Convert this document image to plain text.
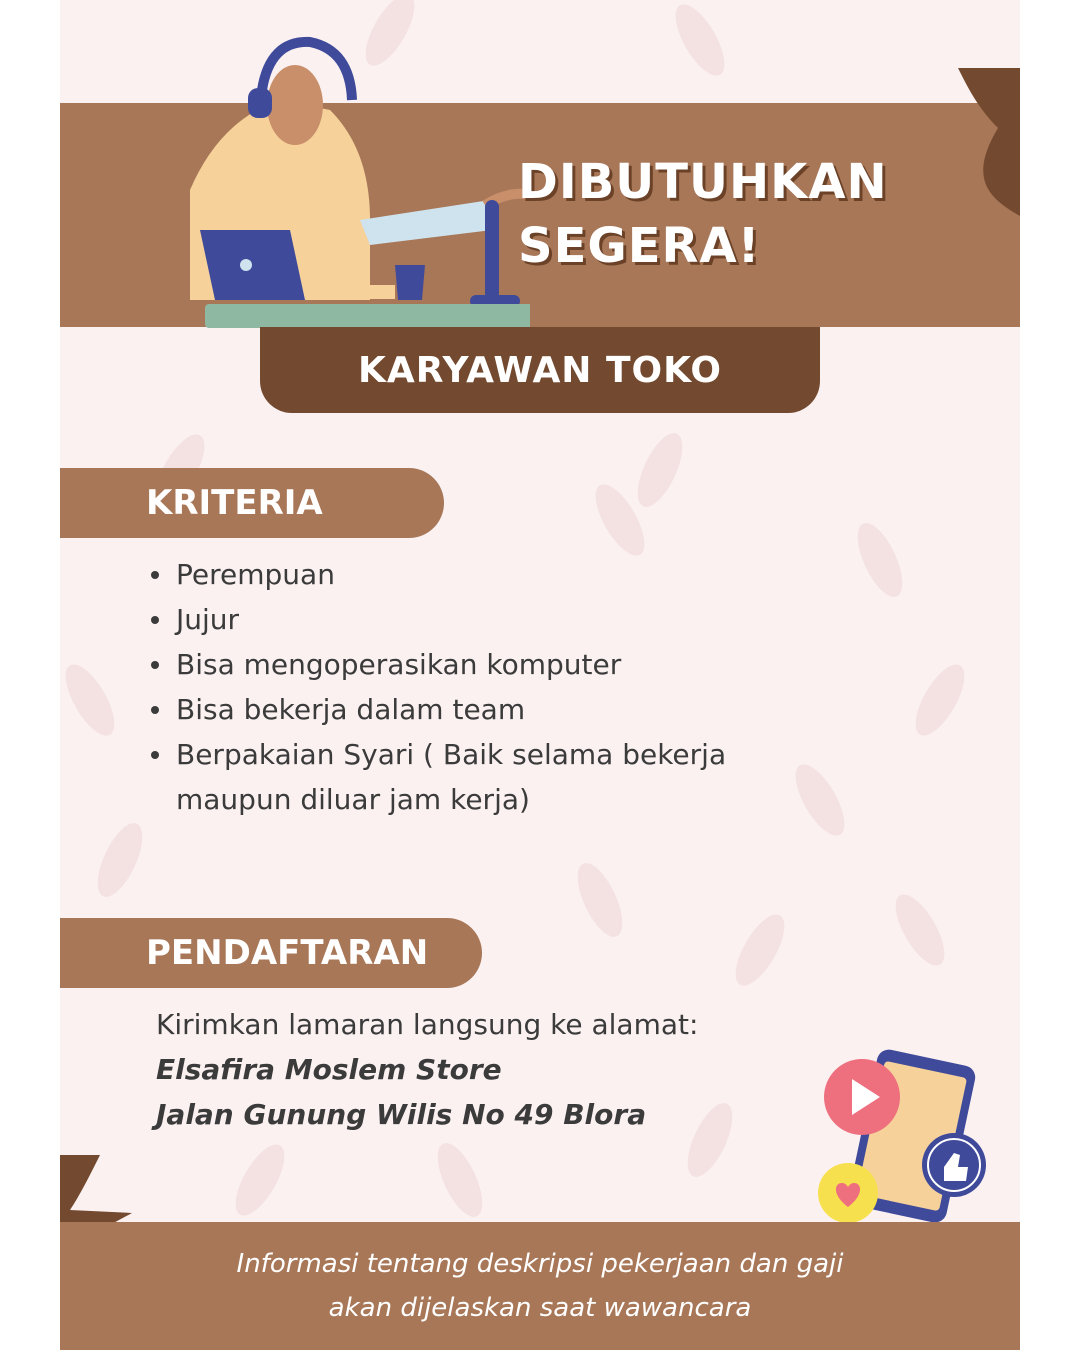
DIBUTUHKAN
SEGERA!
KARYAWAN TOKO
KRITERIA
Perempuan
Jujur
Bisa mengoperasikan komputer
Bisa bekerja dalam team
Berpakaian Syari ( Baik selama bekerja maupun diluar jam kerja)
PENDAFTARAN
Kirimkan lamaran langsung ke alamat:
Elsafira Moslem Store
Jalan Gunung Wilis No 49 Blora
Informasi tentang deskripsi pekerjaan dan gaji
akan dijelaskan saat wawancara
